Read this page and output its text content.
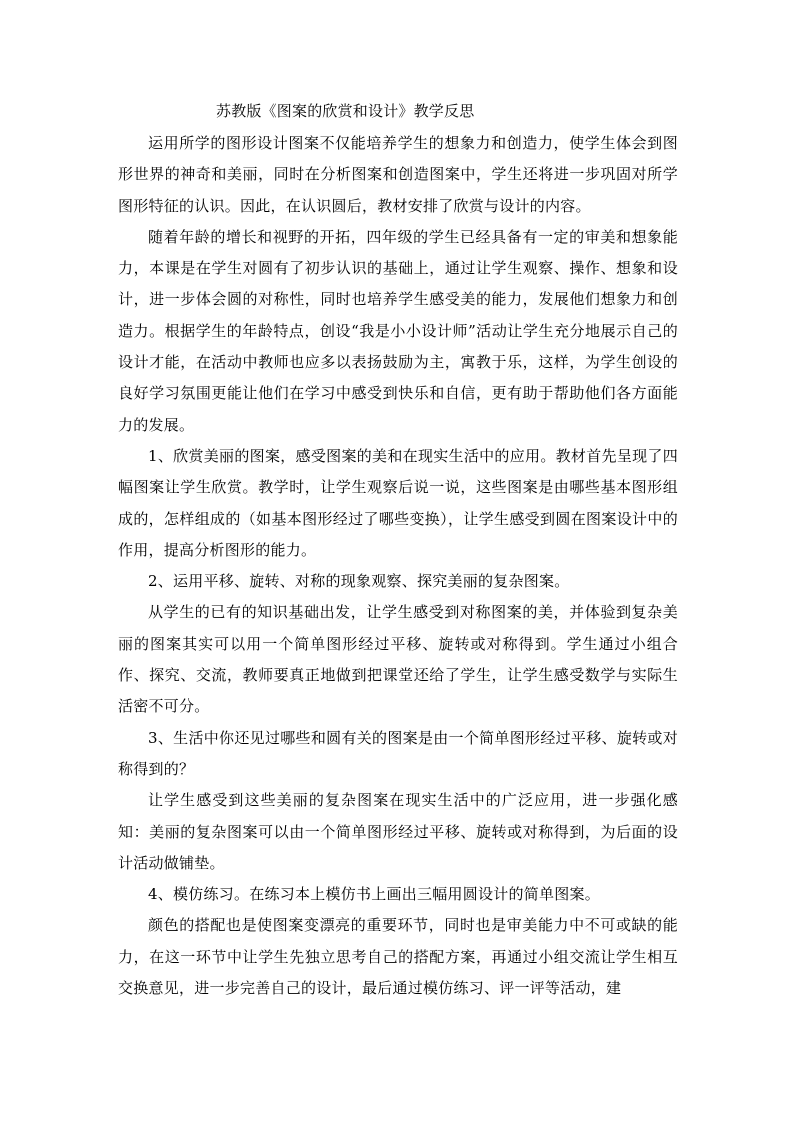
苏教版《图案的欣赏和设计》教学反思

运用所学的图形设计图案不仅能培养学生的想象力和创造力，使学生体会到图形世界的神奇和美丽，同时在分析图案和创造图案中，学生还将进一步巩固对所学图形特征的认识。因此，在认识圆后，教材安排了欣赏与设计的内容。

随着年龄的增长和视野的开拓，四年级的学生已经具备有一定的审美和想象能力，本课是在学生对圆有了初步认识的基础上，通过让学生观察、操作、想象和设计，进一步体会圆的对称性，同时也培养学生感受美的能力，发展他们想象力和创造力。根据学生的年龄特点，创设“我是小小设计师”活动让学生充分地展示自己的设计才能，在活动中教师也应多以表扬鼓励为主，寓教于乐，这样，为学生创设的良好学习氛围更能让他们在学习中感受到快乐和自信，更有助于帮助他们各方面能力的发展。

1、欣赏美丽的图案，感受图案的美和在现实生活中的应用。教材首先呈现了四幅图案让学生欣赏。教学时，让学生观察后说一说，这些图案是由哪些基本图形组成的，怎样组成的（如基本图形经过了哪些变换），让学生感受到圆在图案设计中的作用，提高分析图形的能力。

2、运用平移、旋转、对称的现象观察、探究美丽的复杂图案。

从学生的已有的知识基础出发，让学生感受到对称图案的美，并体验到复杂美丽的图案其实可以用一个简单图形经过平移、旋转或对称得到。学生通过小组合作、探究、交流，教师要真正地做到把课堂还给了学生，让学生感受数学与实际生活密不可分。

3、生活中你还见过哪些和圆有关的图案是由一个简单图形经过平移、旋转或对称得到的？

让学生感受到这些美丽的复杂图案在现实生活中的广泛应用，进一步强化感知：美丽的复杂图案可以由一个简单图形经过平移、旋转或对称得到，为后面的设计活动做铺垫。

4、模仿练习。在练习本上模仿书上画出三幅用圆设计的简单图案。

颜色的搭配也是使图案变漂亮的重要环节，同时也是审美能力中不可或缺的能力，在这一环节中让学生先独立思考自己的搭配方案，再通过小组交流让学生相互交换意见，进一步完善自己的设计，最后通过模仿练习、评一评等活动，建
